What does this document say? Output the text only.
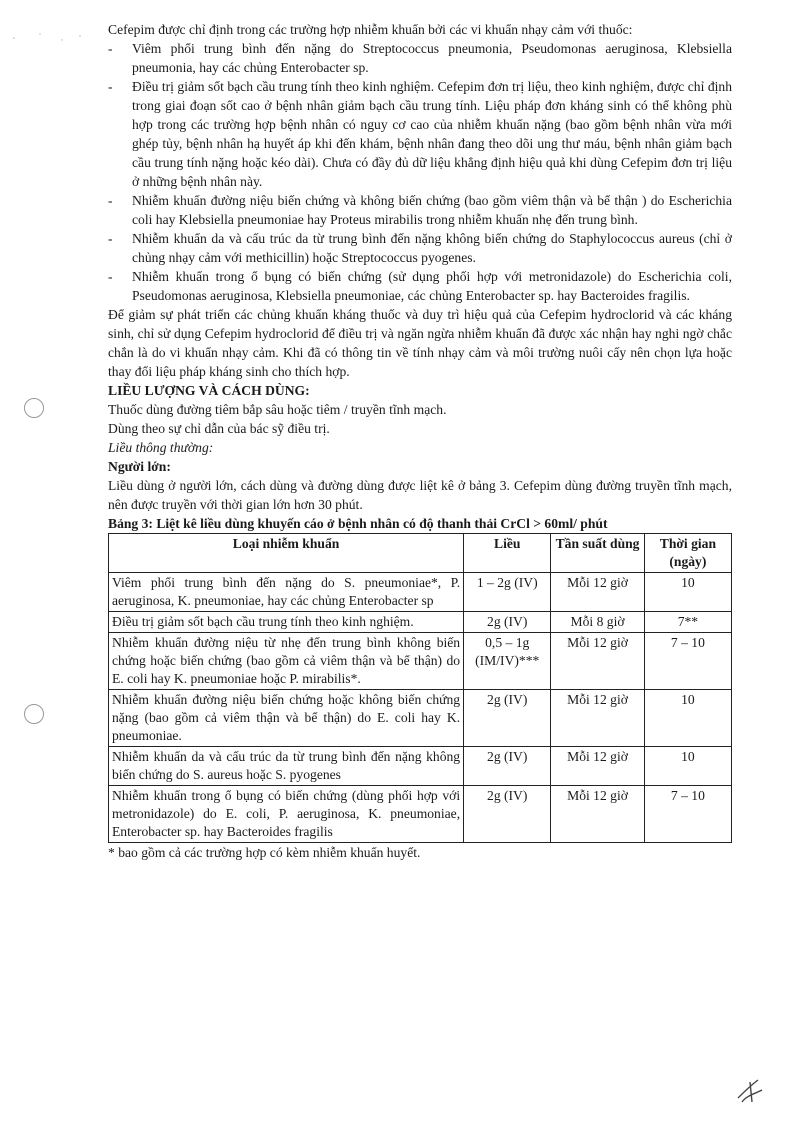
Cefepim được chỉ định trong các trường hợp nhiễm khuẩn bởi các vi khuẩn nhạy cảm với thuốc:

-	Viêm phổi trung bình đến nặng do Streptococcus pneumonia, Pseudomonas aeruginosa, Klebsiella pneumonia, hay các chủng Enterobacter sp.
-	Điều trị giảm sốt bạch cầu trung tính theo kinh nghiệm. Cefepim đơn trị liệu, theo kinh nghiệm, được chỉ định trong giai đoạn sốt cao ở bệnh nhân giảm bạch cầu trung tính. Liệu pháp đơn kháng sinh có thể không phù hợp trong các trường hợp bệnh nhân có nguy cơ cao của nhiễm khuẩn nặng (bao gồm bệnh nhân vừa mới ghép tủy, bệnh nhân hạ huyết áp khi đến khám, bệnh nhân đang theo dõi ung thư máu, bệnh nhân giảm bạch cầu trung tính nặng hoặc kéo dài). Chưa có đầy đủ dữ liệu khẳng định hiệu quả khi dùng Cefepim đơn trị liệu ở những bệnh nhân này.
-	Nhiễm khuẩn đường niệu biến chứng và không biến chứng (bao gồm viêm thận và bể thận ) do Escherichia coli hay Klebsiella pneumoniae hay Proteus mirabilis trong nhiễm khuẩn nhẹ đến trung bình.
-	Nhiễm khuẩn da và cấu trúc da từ trung bình đến nặng không biến chứng do Staphylococcus aureus (chỉ ở chủng nhạy cảm với methicillin) hoặc Streptococcus pyogenes.
-	Nhiễm khuẩn trong ổ bụng có biến chứng (sử dụng phối hợp với metronidazole) do Escherichia coli, Pseudomonas aeruginosa, Klebsiella pneumoniae, các chủng Enterobacter sp. hay Bacteroides fragilis.

Để giảm sự phát triển các chủng khuẩn kháng thuốc và duy trì hiệu quả của Cefepim hydroclorid và các kháng sinh, chỉ sử dụng Cefepim hydroclorid để điều trị và ngăn ngừa nhiễm khuẩn đã được xác nhận hay nghi ngờ chắc chắn là do vi khuẩn nhạy cảm. Khi đã có thông tin về tính nhạy cảm và môi trường nuôi cấy nên chọn lựa hoặc thay đổi liệu pháp kháng sinh cho thích hợp.

LIỀU LƯỢNG VÀ CÁCH DÙNG:

Thuốc dùng đường tiêm bắp sâu hoặc tiêm / truyền tĩnh mạch.

Dùng theo sự chỉ dẫn của bác sỹ điều trị.

Liều thông thường:

Người lớn:

Liều dùng ở người lớn, cách dùng và đường dùng được liệt kê ở bảng 3. Cefepim dùng đường truyền tĩnh mạch, nên được truyền với thời gian lớn hơn 30 phút.

Bảng 3: Liệt kê liều dùng khuyến cáo ở bệnh nhân có độ thanh thải CrCl > 60ml/ phút

Loại nhiễm khuẩn	Liều	Tần suất dùng	Thời gian (ngày)
Viêm phổi trung bình đến nặng do S. pneumoniae*, P. aeruginosa, K. pneumoniae, hay các chủng Enterobacter sp	1 – 2g (IV)	Mỗi 12 giờ	10
Điều trị giảm sốt bạch cầu trung tính theo kinh nghiệm.	2g (IV)	Mỗi 8 giờ	7**
Nhiễm khuẩn đường niệu từ nhẹ đến trung bình không biến chứng hoặc biến chứng (bao gồm cả viêm thận và bể thận) do E. coli hay K. pneumoniae hoặc P. mirabilis*.	0,5 – 1g (IM/IV)***	Mỗi 12 giờ	7 – 10
Nhiễm khuẩn đường niệu biến chứng hoặc không biến chứng nặng (bao gồm cả viêm thận và bể thận) do E. coli hay K. pneumoniae.	2g (IV)	Mỗi 12 giờ	10
Nhiễm khuẩn da và cấu trúc da từ trung bình đến nặng không biến chứng do S. aureus hoặc S. pyogenes	2g (IV)	Mỗi 12 giờ	10
Nhiễm khuẩn trong ổ bụng có biến chứng (dùng phối hợp với metronidazole) do E. coli, P. aeruginosa, K. pneumoniae, Enterobacter sp. hay Bacteroides fragilis	2g (IV)	Mỗi 12 giờ	7 – 10

* bao gồm cả các trường hợp có kèm nhiễm khuẩn huyết.
